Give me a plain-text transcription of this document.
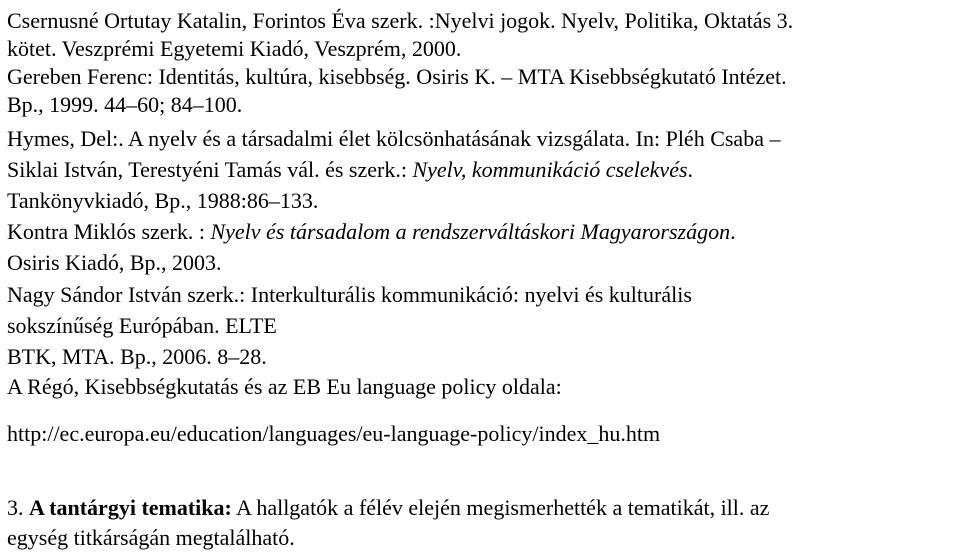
Csernusné Ortutay Katalin, Forintos Éva szerk. :Nyelvi jogok. Nyelv, Politika, Oktatás 3.
kötet. Veszprémi Egyetemi Kiadó, Veszprém, 2000.
Gereben Ferenc: Identitás, kultúra, kisebbség. Osiris K. – MTA Kisebbségkutató Intézet.
Bp., 1999. 44–60; 84–100.
Hymes, Del:. A nyelv és a társadalmi élet kölcsönhatásának vizsgálata. In: Pléh Csaba –
Siklai István, Terestyéni Tamás vál. és szerk.: Nyelv, kommunikáció cselekvés.
Tankönyvkiadó, Bp., 1988:86–133.
Kontra Miklós szerk. : Nyelv és társadalom a rendszerváltáskori Magyarországon.
Osiris Kiadó, Bp., 2003.
Nagy Sándor István szerk.: Interkulturális kommunikáció: nyelvi és kulturális
sokszínűség Európában. ELTE
BTK, MTA. Bp., 2006. 8–28.
A Régó, Kisebbségkutatás és az EB Eu language policy oldala:
http://ec.europa.eu/education/languages/eu-language-policy/index_hu.htm
3. A tantárgyi tematika: A hallgatók a félév elején megismerhették a tematikát, ill. az
egység titkárságán megtalálható.
